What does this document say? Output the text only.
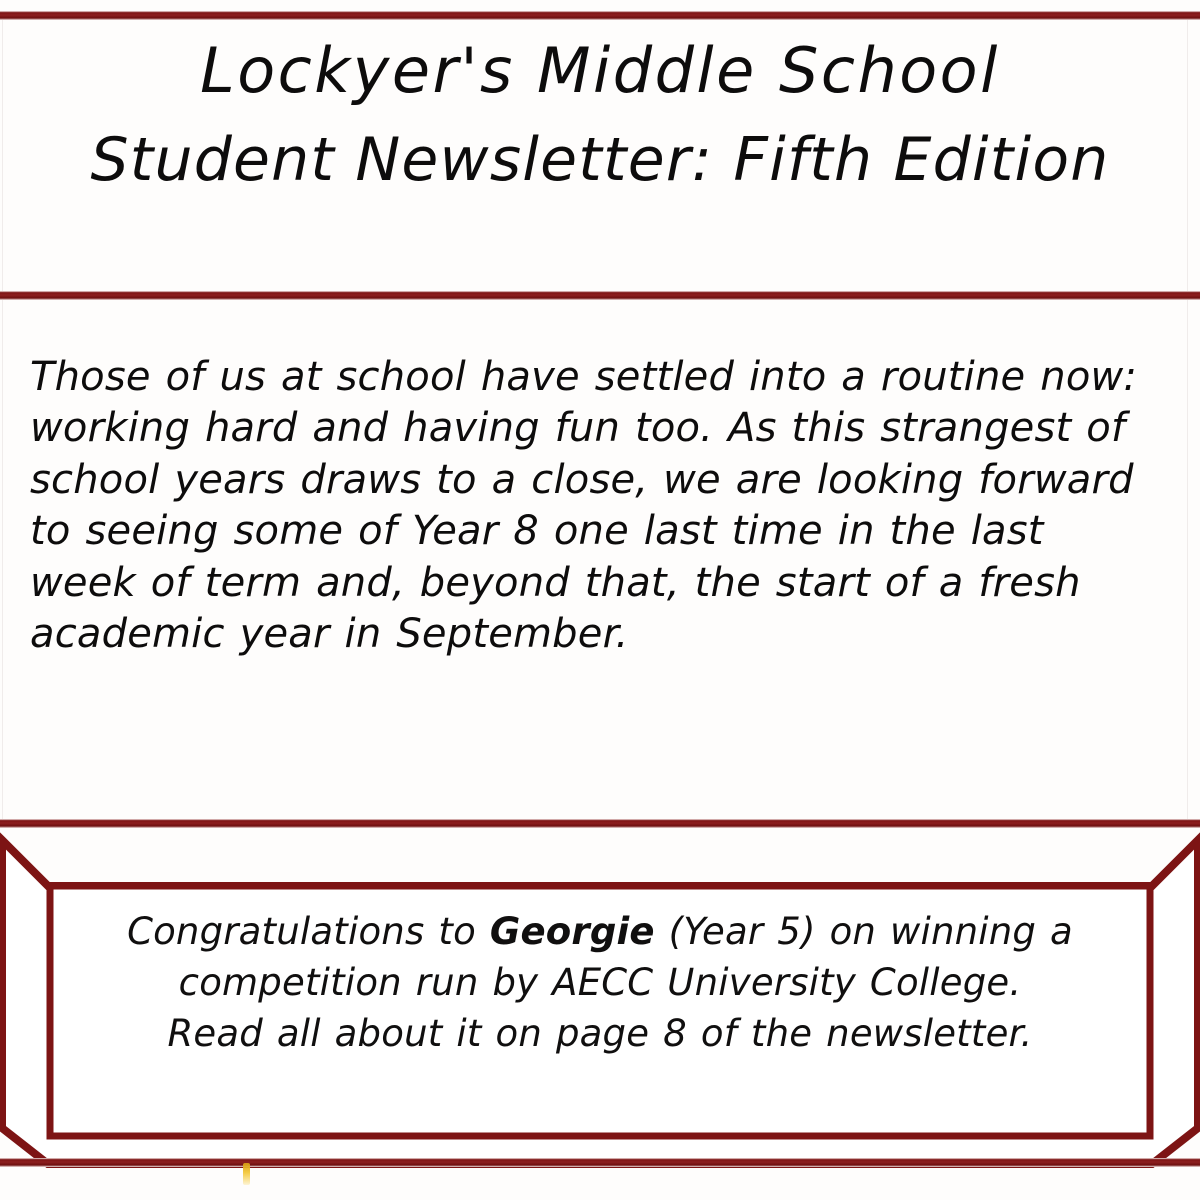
Lockyer's Middle School
Student Newsletter: Fifth Edition

Those of us at school have settled into a routine now: working hard and having fun too. As this strangest of school years draws to a close, we are looking forward to seeing some of Year 8 one last time in the last week of term and, beyond that, the start of a fresh academic year in September.

Congratulations to Georgie (Year 5) on winning a
competition run by AECC University College.
Read all about it on page 8 of the newsletter.
